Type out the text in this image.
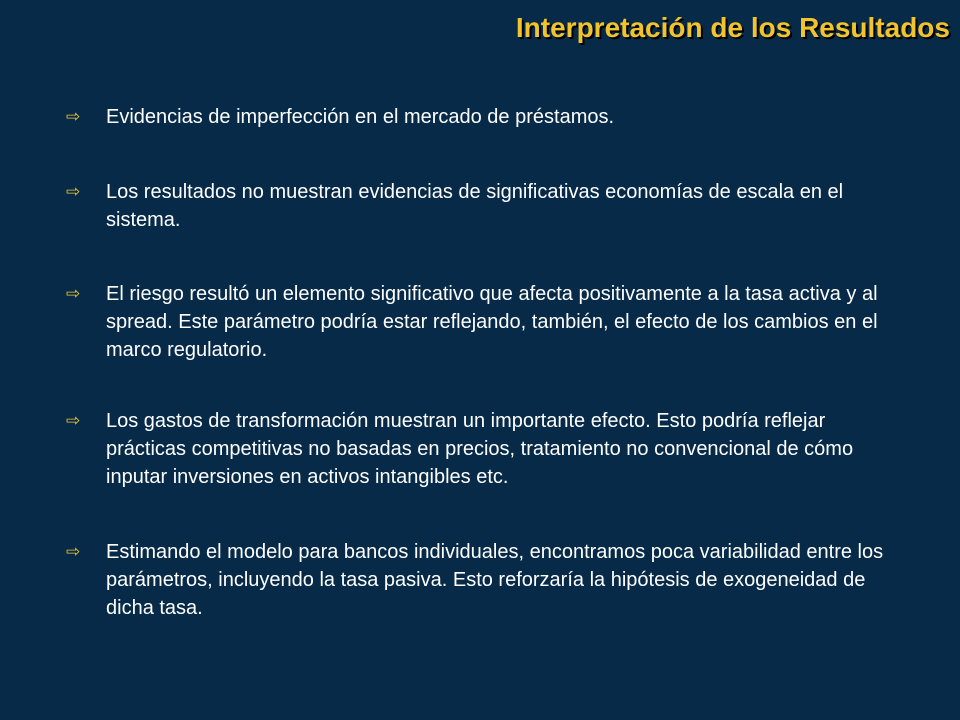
Interpretación de los Resultados
⇨	Evidencias de imperfección en el mercado de préstamos.
⇨	Los resultados no muestran evidencias de significativas economías de escala en el sistema.
⇨	El riesgo resultó un elemento significativo que afecta positivamente a la tasa activa y al spread. Este parámetro podría estar reflejando, también, el efecto de los cambios en el marco regulatorio.
⇨	Los gastos de transformación muestran un importante efecto. Esto podría reflejar prácticas competitivas no basadas en precios, tratamiento no convencional de cómo inputar inversiones en activos intangibles etc.
⇨	Estimando el modelo para bancos individuales, encontramos poca variabilidad entre los parámetros, incluyendo la tasa pasiva. Esto reforzaría la hipótesis de exogeneidad de dicha tasa.
